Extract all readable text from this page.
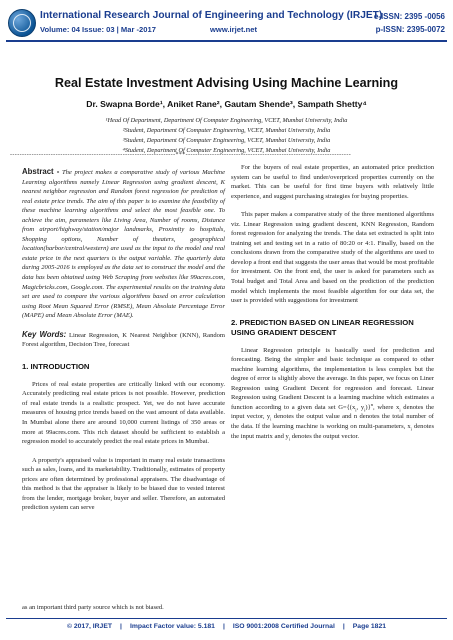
International Research Journal of Engineering and Technology (IRJET)
e-ISSN: 2395 -0056
Volume: 04 Issue: 03 | Mar -2017	www.irjet.net	p-ISSN: 2395-0072
Real Estate Investment Advising Using Machine Learning
Dr. Swapna Borde¹, Aniket Rane², Gautam Shende³, Sampath Shetty⁴
¹Head Of Department, Department Of Computer Engineering, VCET, Mumbai University, India
²Student, Department Of Computer Engineering, VCET, Mumbai University, India
³Student, Department Of Computer Engineering, VCET, Mumbai University, India
⁴Student, Department Of Computer Engineering, VCET, Mumbai University, India
---------------------------------------------------------------------***---------------------------------------------------------------------

Abstract - The project makes a comparative study of various Machine Learning algorithms namely Linear Regression using gradient descent, K nearest neighbor regression and Random forest regression for prediction of real estate price trends. The aim of this paper is to examine the feasibility of these machine learning algorithms and select the most feasible one. To achieve the aim, parameters like Living Area, Number of rooms, Distance from airport/highway/station/major landmarks, Proximity to hospitals, Shopping options, Number of theaters, geographical location(harbor/central/western) are used as the input to the model and real estate price in the next quarters is the output variable. The quarterly data during 2005-2016 is employed as the data set to construct the model and the data has been obtained using Web Scraping from websites like 99acres.com, Magicbricks.com, Google.com. The experimental results on the training data set are used to compare the various algorithms based on error calculation using Root Mean Squared Error (RMSE), Mean Absolute Percentage Error (MAPE) and Mean Absolute Error (MAE).

Key Words: Linear Regression, K Nearest Neighbor (KNN), Random Forest algorithm, Decision Tree, forecast

1. INTRODUCTION

Prices of real estate properties are critically linked with our economy. Accurately predicting real estate prices is not possible. However, prediction of real estate trends is a realistic prospect. Yet, we do not have accurate measures of housing price trends based on the vast amount of data available. In Mumbai alone there are around 10,000 current listings of 350 areas or more at 99acres.com. This rich dataset should be sufficient to establish a regression model to accurately predict the real estate prices in Mumbai.

A property's appraised value is important in many real estate transactions such as sales, loans, and its marketability. Traditionally, estimates of property prices are often determined by professional appraisers. The disadvantage of this method is that the appraiser is likely to be biased due to vested interest from the lender, mortgage broker, buyer and seller. Therefore, an automated prediction system can serve

as an important third party source which is not biased.

For the buyers of real estate properties, an automated price prediction system can be useful to find under/overpriced properties currently on the market. This can be useful for first time buyers with relatively little experience, and suggest purchasing strategies for buying properties.

This paper makes a comparative study of the three mentioned algorithms viz. Linear Regression using gradient descent, KNN Regression, Random forest regression for analyzing the trends. The data set extracted is split into training set and testing set in a ratio of 80:20 or 4:1. Finally, based on the conclusions drawn from the comparative study of the algorithms are used to develop a front end that suggests the user areas that would be most profitable for investment. On the front end, the user is asked for parameters such as Total budget and Total Area and based on the prediction of the prediction model which implements the most feasible algorithm for our data set, the user is provided with suggestions for investment

2. PREDICTION BASED ON LINEAR REGRESSION USING GRADIENT DESCENT

Linear Regression principle is basically used for prediction and forecasting. Being the simpler and basic technique as compared to other machine learning algorithms, the implementation is less complex but the degree of error is slightly above the average. In this paper, we focus on Liner Regression using Gradient Decent for regression and forecast. Linear Regression using Gradient Descent is a learning machine which estimates a function according to a given data set $G=\{(x_i$, $y_i)\}^n$, where $x_i$ denotes the input vector, $y_i$ denotes the output value and n denotes the total number of the data. If the learning machine is working on multi-parameters, $x_i$ denotes the input matrix and $y_i$ denotes the output vector.

© 2017, IRJET | Impact Factor value: 5.181 | ISO 9001:2008 Certified Journal | Page 1821
